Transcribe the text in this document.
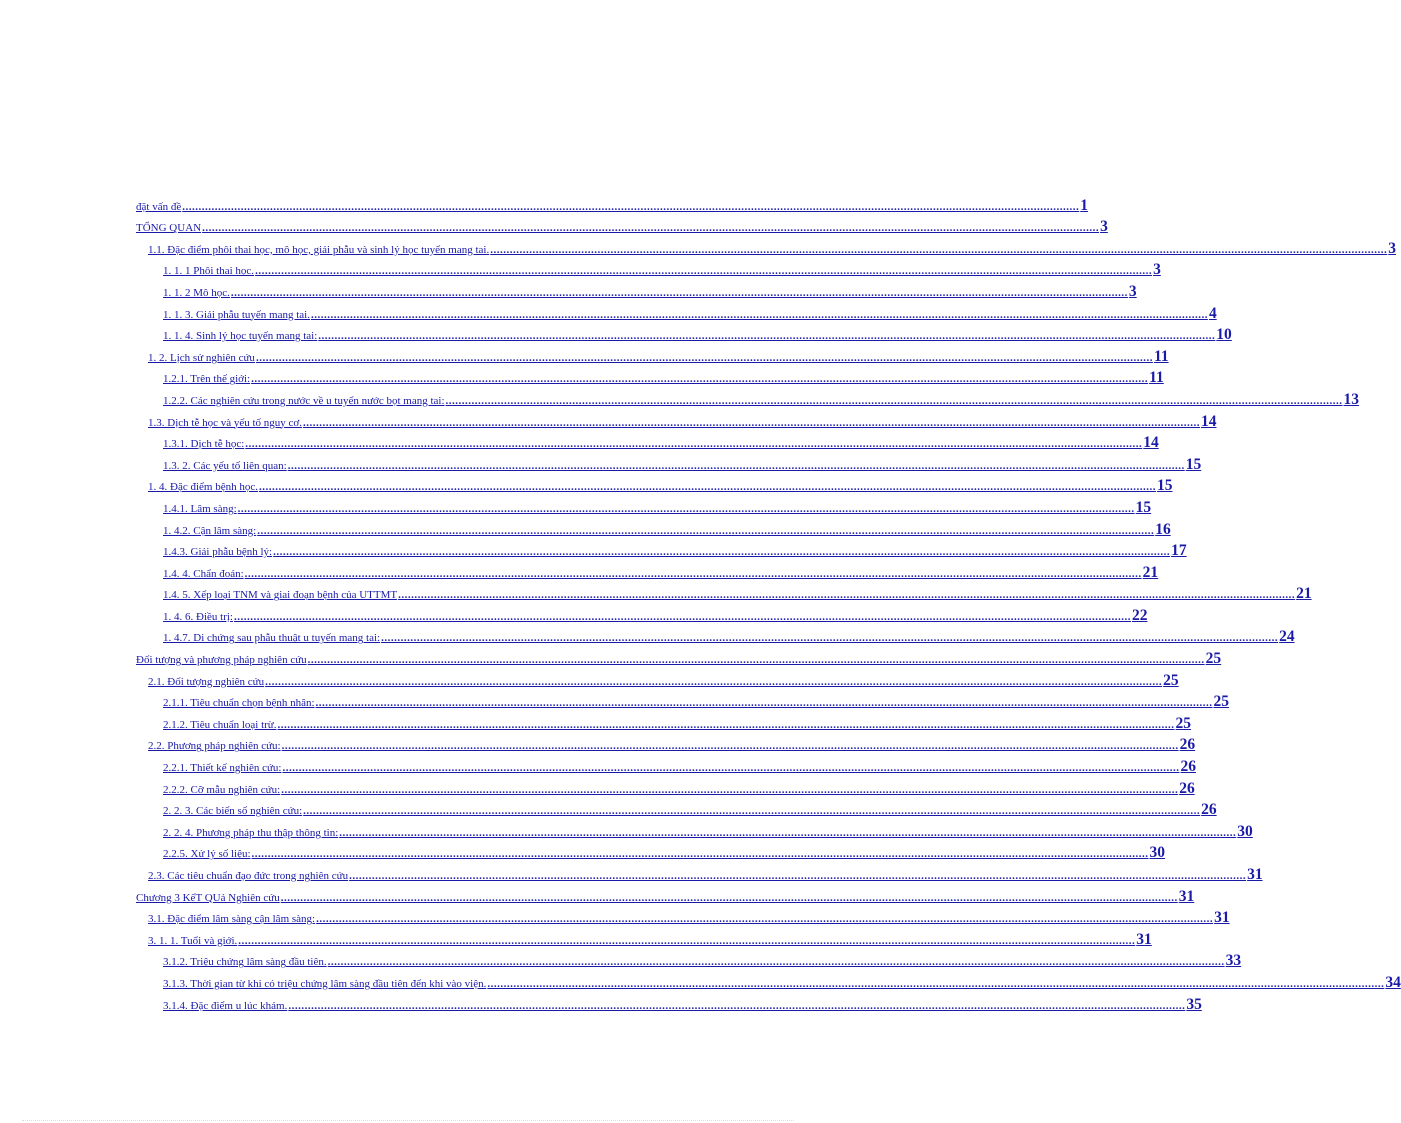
đặt vấn đề .....	1
TỔNG QUAN .....	3
1.1. Đặc điểm phôi thai học, mô học, giải phẫu và sinh lý học tuyến mang tai. .....	3
1. 1. 1 Phôi thai học. .....	3
1. 1. 2 Mô học. .....	3
1. 1. 3. Giải phẫu tuyến mang tai. .....	4
1. 1. 4. Sinh lý học tuyến mang tai: .....	10
1. 2. Lịch sử nghiên cứu .....	11
1.2.1. Trên thế giới: .....	11
1.2.2. Các nghiên cứu trong nước về u tuyến nước bọt mang tai: .....	13
1.3. Dịch tễ học và yếu tố nguy cơ. .....	14
1.3.1. Dịch tễ học: .....	14
1.3. 2. Các yếu tố liên quan: .....	15
1. 4. Đặc điểm bệnh học. .....	15
1.4.1. Lâm sàng: .....	15
1. 4.2. Cận lâm sàng: .....	16
1.4.3. Giải phẫu bệnh lý: .....	17
1.4. 4. Chẩn đoán: .....	21
1.4. 5. Xếp loại TNM và giai đoạn bệnh của UTTMT .....	21
1. 4. 6. Điều trị: .....	22
1. 4.7. Di chứng sau phẫu thuật u tuyến mang tai: .....	24
Đối tượng và phương pháp nghiên cứu .....	25
2.1. Đối tượng nghiên cứu .....	25
2.1.1. Tiêu chuẩn chọn bệnh nhân: .....	25
2.1.2. Tiêu chuẩn loại trừ. .....	25
2.2. Phương pháp nghiên cứu: .....	26
2.2.1. Thiết kế nghiên cứu: .....	26
2.2.2. Cỡ mẫu nghiên cứu: .....	26
2. 2. 3. Các biến số nghiên cứu: .....	26
2. 2. 4. Phương pháp thu thập thông tin: .....	30
2.2.5. Xử lý số liệu: .....	30
2.3. Các tiêu chuẩn đạo đức trong nghiên cứu .....	31
Chương 3 KếT QUả Nghiên cứu .....	31
3.1. Đặc điểm lâm sàng cận lâm sàng: .....	31
3. 1. 1. Tuổi và giới. .....	31
3.1.2. Triệu chứng lâm sàng đầu tiên. .....	33
3.1.3. Thời gian từ khi có triệu chứng lâm sàng đầu tiên đến khi vào viện. .....	34
3.1.4. Đặc điểm u lúc khám. .....	35
